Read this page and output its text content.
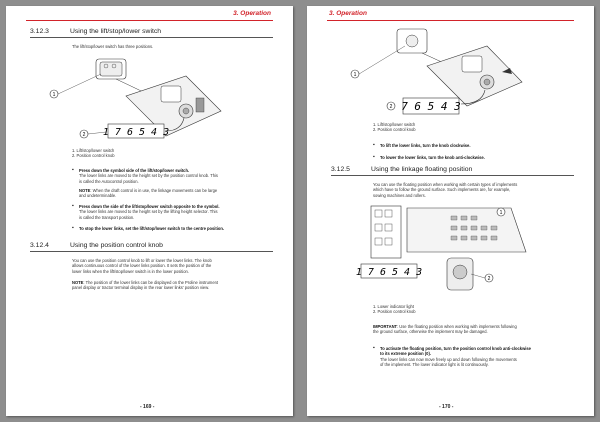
3. Operation
3.12.3	Using the lift/stop/lower switch
The lift/stop/lower switch has three positions.
1
2 1 7 6 5 4 3
1. Lift/stop/lower switch
2. Position control knob
▪ Press down the symbol side of the lift/stop/lower switch.
The lower links are moved to the height set by the position control knob. This
is called the Autocontrol position.
NOTE: When the draft control is in use, the linkage movements can be large
and undeterminable.
▪ Press down the side of the lift/stop/lower switch opposite to the symbol.
The lower links are moved to the height set by the lifting height selector. This
is called the transport position.
▪ To stop the lower links, set the lift/stop/lower switch to the centre position.
3.12.4	Using the position control knob
You can use the position control knob to lift or lower the lower links. The knob
allows continuous control of the lower links position. It sets the position of the
lower links when the lift/stop/lower switch is in the lower position.
NOTE: The position of the lower links can be displayed on the Proline instrument
panel display or tractor terminal display in the rear lower links' position view.
- 169 -
3. Operation
1
2 7 6 5 4 3
1. Lift/stop/lower switch
2. Position control knob
▪ To lift the lower links, turn the knob clockwise.
▪ To lower the lower links, turn the knob anti-clockwise.
3.12.5	Using the linkage floating position
You can use the floating position when working with certain types of implements
which have to follow the ground surface. Such implements are, for example,
sowing machines and rollers.
1
1 7 6 5 4 3
2
1. Lower indicator light
2. Position control knob
IMPORTANT: Use the floating position when working with implements following
the ground surface, otherwise the implement may be damaged.
▪ To activate the floating position, turn the position control knob anti-clockwise
to its extreme position (0).
The lower links can now move freely up and down following the movements
of the implement. The lower indicator light is lit continuously.
- 170 -
